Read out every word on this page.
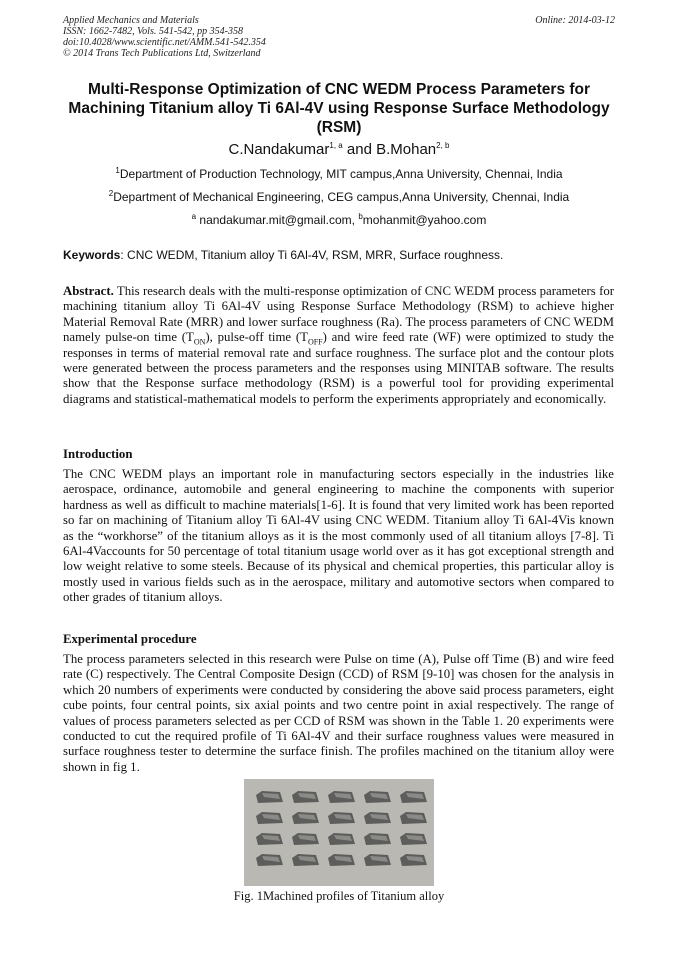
Applied Mechanics and Materials
ISSN: 1662-7482, Vols. 541-542, pp 354-358
doi:10.4028/www.scientific.net/AMM.541-542.354
© 2014 Trans Tech Publications Ltd, Switzerland
Online: 2014-03-12
Multi-Response Optimization of CNC WEDM Process Parameters for Machining Titanium alloy Ti 6Al-4V using Response Surface Methodology (RSM)
C.Nandakumar$^{1, a}$ and B.Mohan$^{2, b}$
$^1$Department of Production Technology, MIT campus,Anna University, Chennai, India
$^2$Department of Mechanical Engineering, CEG campus,Anna University, Chennai, India
$^a$ nandakumar.mit@gmail.com, $^b$mohanmit@yahoo.com
Keywords: CNC WEDM, Titanium alloy Ti 6Al-4V, RSM, MRR, Surface roughness.
Abstract. This research deals with the multi-response optimization of CNC WEDM process parameters for machining titanium alloy Ti 6Al-4V using Response Surface Methodology (RSM) to achieve higher Material Removal Rate (MRR) and lower surface roughness (Ra). The process parameters of CNC WEDM namely pulse-on time $(T_{ON})$, pulse-off time $(T_{OFF})$ and wire feed rate (WF) were optimized to study the responses in terms of material removal rate and surface roughness. The surface plot and the contour plots were generated between the process parameters and the responses using MINITAB software. The results show that the Response surface methodology (RSM) is a powerful tool for providing experimental diagrams and statistical-mathematical models to perform the experiments appropriately and economically.
Introduction
The CNC WEDM plays an important role in manufacturing sectors especially in the industries like aerospace, ordinance, automobile and general engineering to machine the components with superior hardness as well as difficult to machine materials[1-6]. It is found that very limited work has been reported so far on machining of Titanium alloy Ti 6Al-4V using CNC WEDM. Titanium alloy Ti 6Al-4Vis known as the “workhorse” of the titanium alloys as it is the most commonly used of all titanium alloys [7-8]. Ti 6Al-4Vaccounts for 50 percentage of total titanium usage world over as it has got exceptional strength and low weight relative to some steels. Because of its physical and chemical properties, this particular alloy is mostly used in various fields such as in the aerospace, military and automotive sectors when compared to other grades of titanium alloys.
Experimental procedure
The process parameters selected in this research were Pulse on time (A), Pulse off Time (B) and wire feed rate (C) respectively. The Central Composite Design (CCD) of RSM [9-10] was chosen for the analysis in which 20 numbers of experiments were conducted by considering the above said process parameters, eight cube points, four central points, six axial points and two centre point in axial respectively. The range of values of process parameters selected as per CCD of RSM was shown in the Table 1. 20 experiments were conducted to cut the required profile of Ti 6Al-4V and their surface roughness values were measured in surface roughness tester to determine the surface finish. The profiles machined on the titanium alloy were shown in fig 1.
Fig. 1Machined profiles of Titanium alloy
